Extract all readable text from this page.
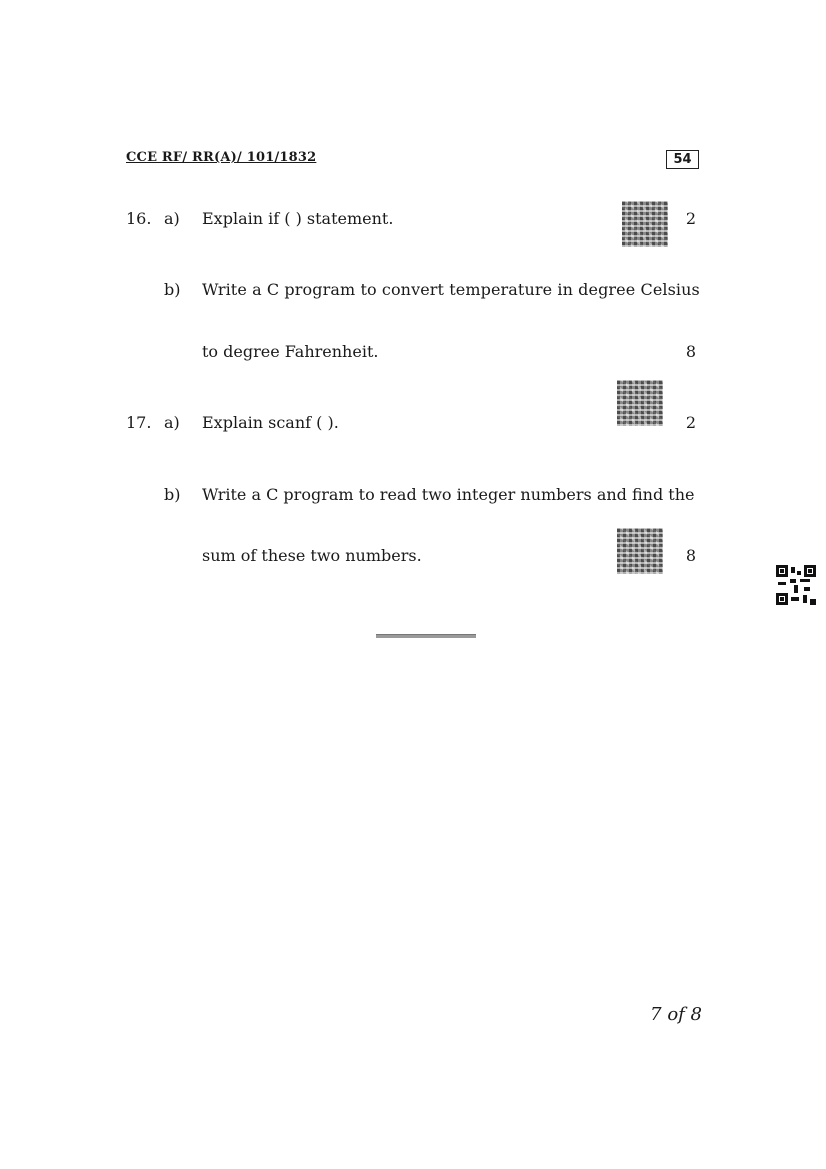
CCE RF/ RR(A)/ 101/1832	54
16. a) Explain if ( ) statement.	2
b) Write a C program to convert temperature in degree Celsius
to degree Fahrenheit.	8
17. a) Explain scanf ( ).	2
b) Write a C program to read two integer numbers and find the
sum of these two numbers.	8
7 of 8
